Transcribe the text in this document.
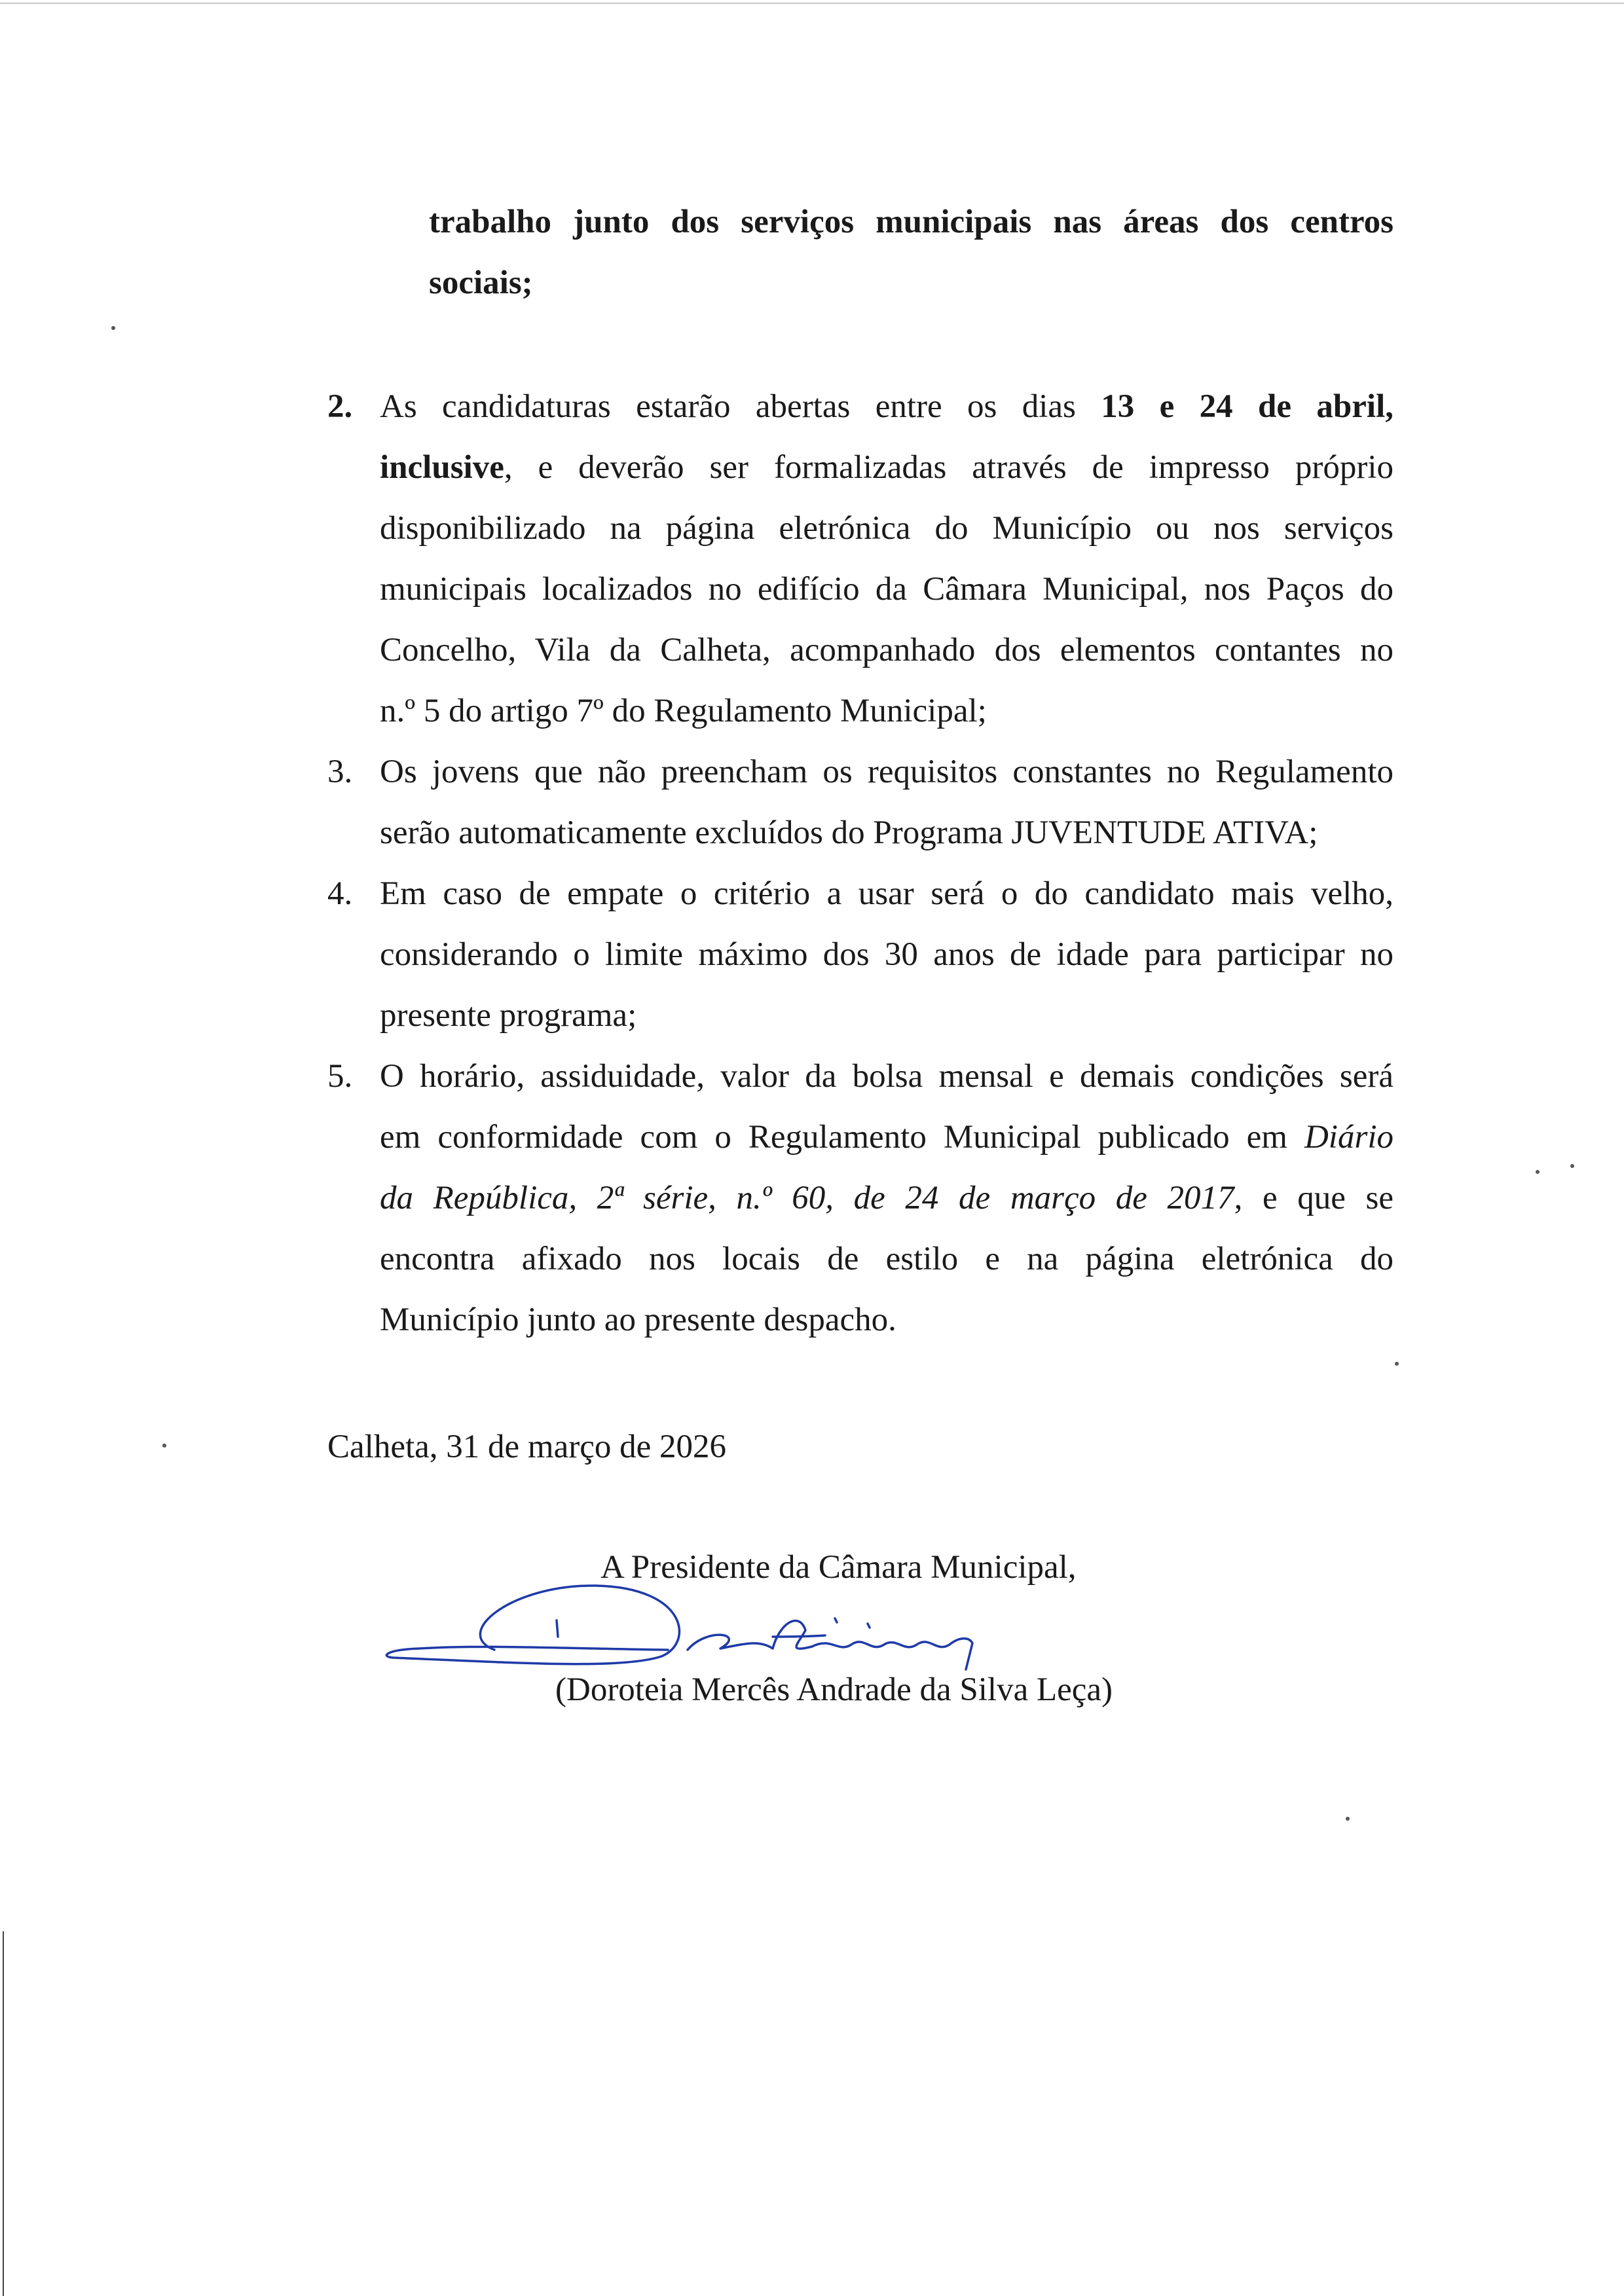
trabalho junto dos serviços municipais nas áreas dos centros
sociais;
2. As candidaturas estarão abertas entre os dias 13 e 24 de abril,
inclusive, e deverão ser formalizadas através de impresso próprio
disponibilizado na página eletrónica do Município ou nos serviços
municipais localizados no edifício da Câmara Municipal, nos Paços do
Concelho, Vila da Calheta, acompanhado dos elementos contantes no
n.º 5 do artigo 7º do Regulamento Municipal;
3. Os jovens que não preencham os requisitos constantes no Regulamento
serão automaticamente excluídos do Programa JUVENTUDE ATIVA;
4. Em caso de empate o critério a usar será o do candidato mais velho,
considerando o limite máximo dos 30 anos de idade para participar no
presente programa;
5. O horário, assiduidade, valor da bolsa mensal e demais condições será
em conformidade com o Regulamento Municipal publicado em Diário
da República, 2ª série, n.º 60, de 24 de março de 2017, e que se
encontra afixado nos locais de estilo e na página eletrónica do
Município junto ao presente despacho.
Calheta, 31 de março de 2026
A Presidente da Câmara Municipal,
(Doroteia Mercês Andrade da Silva Leça)
